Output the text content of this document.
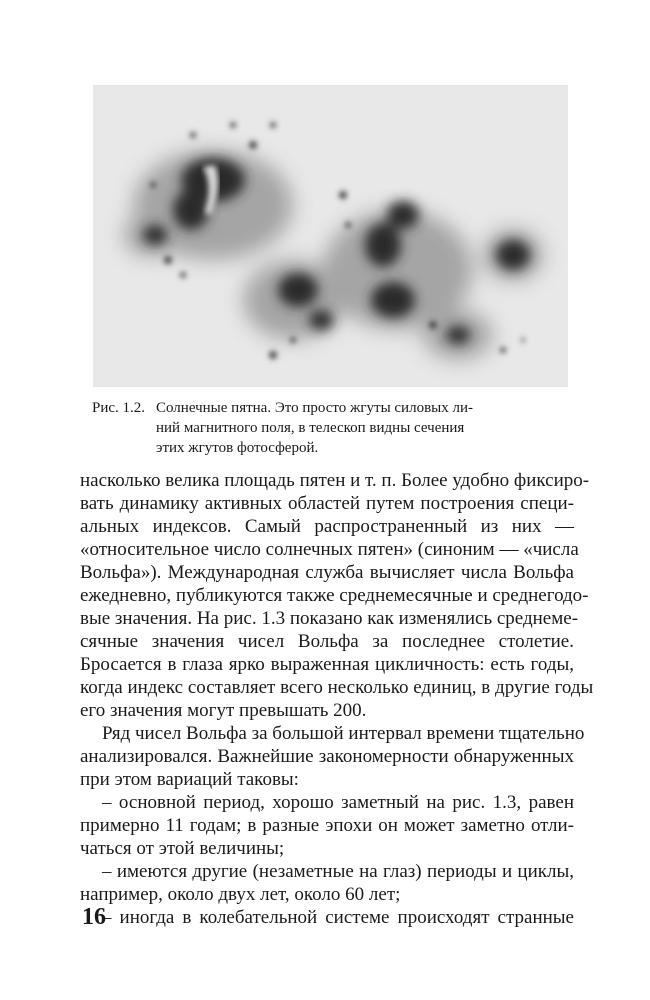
Рис. 1.2. Солнечные пятна. Это просто жгуты силовых ли-
ний магнитного поля, в телескоп видны сечения
этих жгутов фотосферой.
насколько велика площадь пятен и т. п. Более удобно фиксиро-
вать динамику активных областей путем построения специ-
альных индексов. Самый распространенный из них —
«относительное число солнечных пятен» (синоним — «числа
Вольфа»). Международная служба вычисляет числа Вольфа
ежедневно, публикуются также среднемесячные и среднегодо-
вые значения. На рис. 1.3 показано как изменялись среднеме-
сячные значения чисел Вольфа за последнее столетие.
Бросается в глаза ярко выраженная цикличность: есть годы,
когда индекс составляет всего несколько единиц, в другие годы
его значения могут превышать 200.
Ряд чисел Вольфа за большой интервал времени тщательно
анализировался. Важнейшие закономерности обнаруженных
при этом вариаций таковы:
– основной период, хорошо заметный на рис. 1.3, равен
примерно 11 годам; в разные эпохи он может заметно отли-
чаться от этой величины;
– имеются другие (незаметные на глаз) периоды и циклы,
например, около двух лет, около 60 лет;
– иногда в колебательной системе происходят странные
16
